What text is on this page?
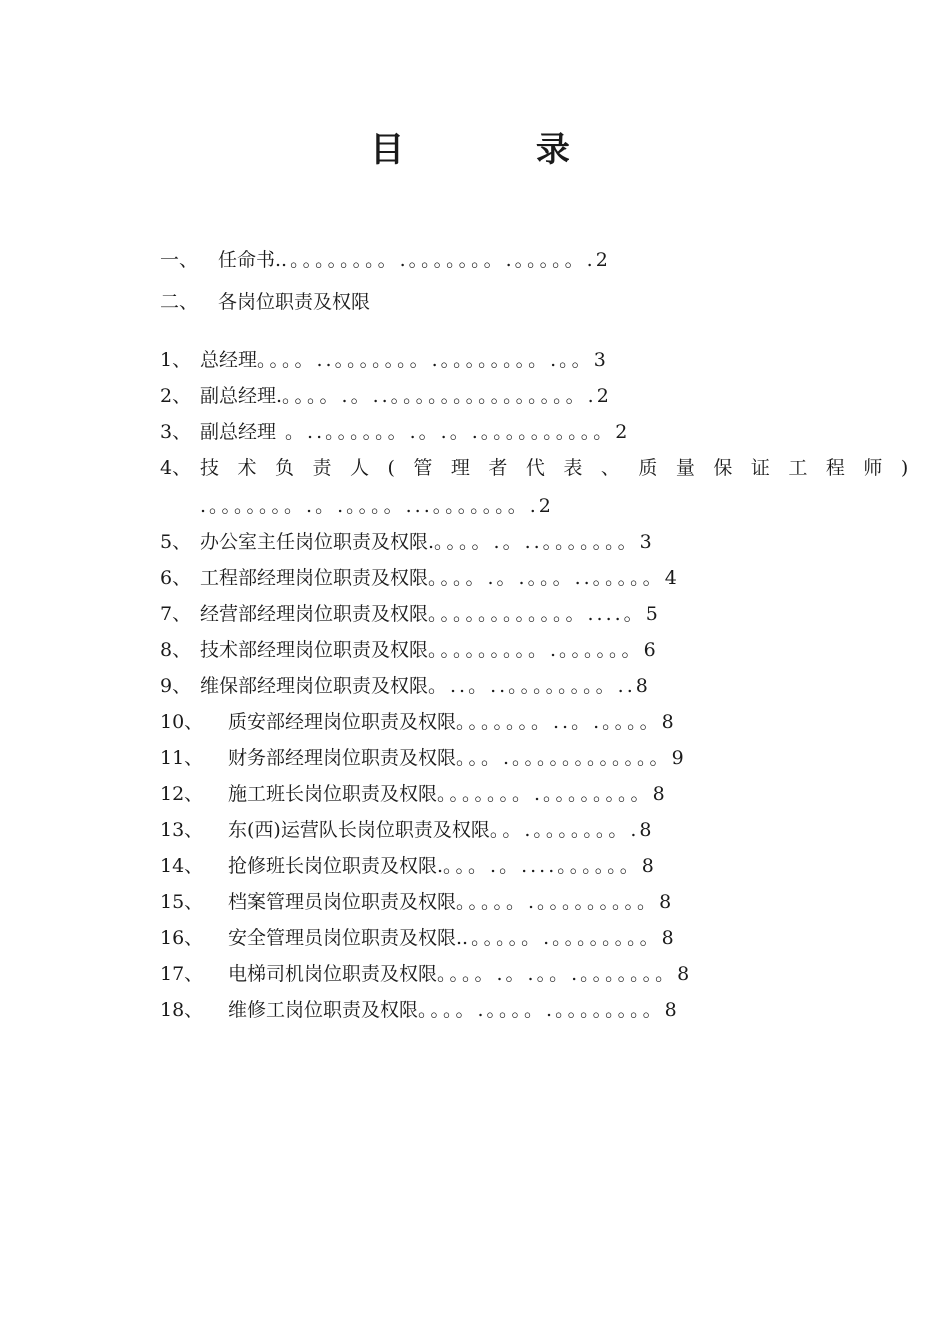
目 录
一、 任命书..。。。。。。。。.。。。。。。。.。。。。。.2
二、 各岗位职责及权限
1、 总经理。。。。..。。。。。。。.。。。。。。。。.。。3
2、 副总经理.。。。。.。..。。。。。。。。。。。。。。。.2
3、 副总经理 。..。。。。。。.。.。.。。。。。。。。。。2
4、 技术负责人(管理者代表、质量保证工程师)
.。。。。。。。.。.。。。。...。。。。。。。.2
5、 办公室主任岗位职责及权限.。。。。.。..。。。。。。。3
6、 工程部经理岗位职责及权限。。。。.。.。。。..。。。。。4
7、 经营部经理岗位职责及权限。。。。。。。。。。。。....。5
8、 技术部经理岗位职责及权限。。。。。。。。。.。。。。。。6
9、 维保部经理岗位职责及权限。..。..。。。。。。。。..8
10、 质安部经理岗位职责及权限。。。。。。。..。.。。。。8
11、 财务部经理岗位职责及权限。。。.。。。。。。。。。。。。9
12、 施工班长岗位职责及权限。。。。。。。.。。。。。。。。8
13、 东(西)运营队长岗位职责及权限。。.。。。。。。。.8
14、 抢修班长岗位职责及权限.。。。.。....。。。。。。8
15、 档案管理员岗位职责及权限。。。。。.。。。。。。。。。8
16、 安全管理员岗位职责及权限..。。。。。.。。。。。。。。8
17、 电梯司机岗位职责及权限。。。。.。.。。.。。。。。。。8
18、 维修工岗位职责及权限。。。。.。。。。.。。。。。。。。8
